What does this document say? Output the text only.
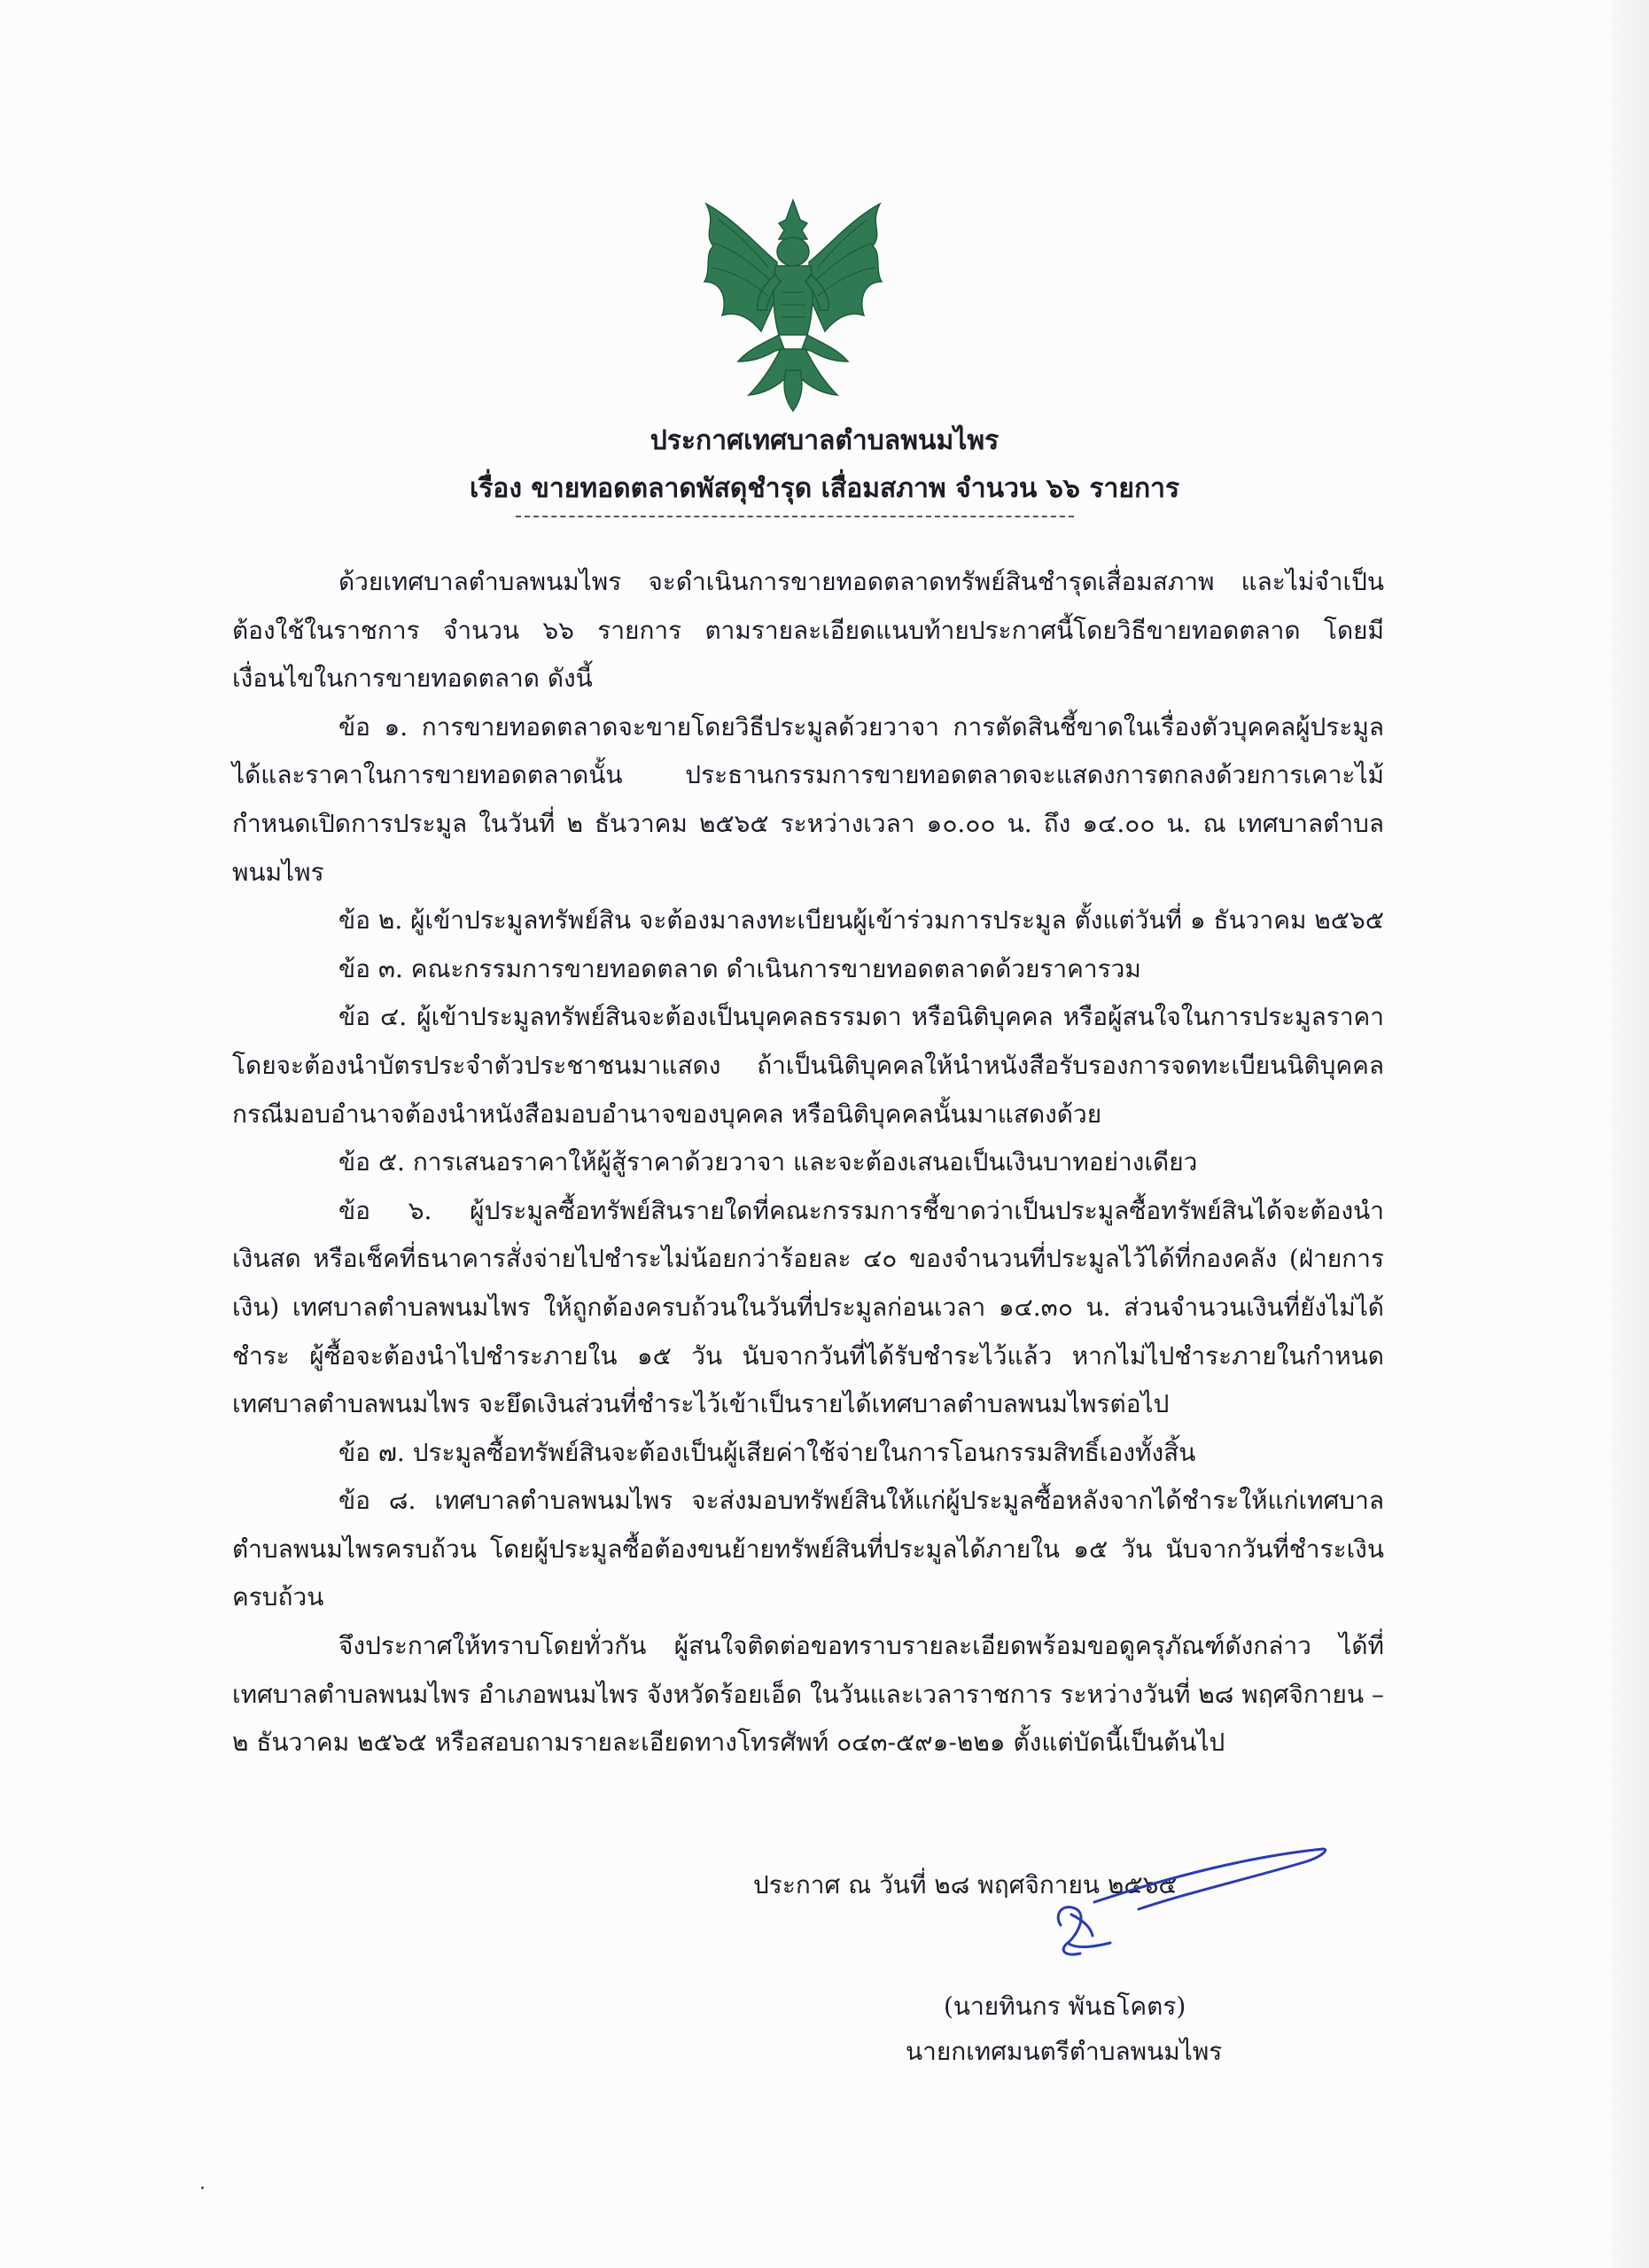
ประกาศเทศบาลตำบลพนมไพร

เรื่อง ขายทอดตลาดพัสดุชำรุด เสื่อมสภาพ จำนวน ๖๖ รายการ

ด้วยเทศบาลตำบลพนมไพร จะดำเนินการขายทอดตลาดทรัพย์สินชำรุดเสื่อมสภาพ และไม่จำเป็นต้องใช้ในราชการ จำนวน ๖๖ รายการ ตามรายละเอียดแนบท้ายประกาศนี้โดยวิธีขายทอดตลาด โดยมีเงื่อนไขในการขายทอดตลาด ดังนี้

ข้อ ๑. การขายทอดตลาดจะขายโดยวิธีประมูลด้วยวาจา การตัดสินชี้ขาดในเรื่องตัวบุคคลผู้ประมูลได้และราคาในการขายทอดตลาดนั้น ประธานกรรมการขายทอดตลาดจะแสดงการตกลงด้วยการเคาะไม้ กำหนดเปิดการประมูล ในวันที่ ๒ ธันวาคม ๒๕๖๕ ระหว่างเวลา ๑๐.๐๐ น. ถึง ๑๔.๐๐ น. ณ เทศบาลตำบลพนมไพร

ข้อ ๒. ผู้เข้าประมูลทรัพย์สิน จะต้องมาลงทะเบียนผู้เข้าร่วมการประมูล ตั้งแต่วันที่ ๑ ธันวาคม ๒๕๖๕

ข้อ ๓. คณะกรรมการขายทอดตลาด ดำเนินการขายทอดตลาดด้วยราคารวม

ข้อ ๔. ผู้เข้าประมูลทรัพย์สินจะต้องเป็นบุคคลธรรมดา หรือนิติบุคคล หรือผู้สนใจในการประมูลราคา โดยจะต้องนำบัตรประจำตัวประชาชนมาแสดง ถ้าเป็นนิติบุคคลให้นำหนังสือรับรองการจดทะเบียนนิติบุคคล กรณีมอบอำนาจต้องนำหนังสือมอบอำนาจของบุคคล หรือนิติบุคคลนั้นมาแสดงด้วย

ข้อ ๕. การเสนอราคาให้ผู้สู้ราคาด้วยวาจา และจะต้องเสนอเป็นเงินบาทอย่างเดียว

ข้อ ๖. ผู้ประมูลซื้อทรัพย์สินรายใดที่คณะกรรมการชี้ขาดว่าเป็นประมูลซื้อทรัพย์สินได้จะต้องนำเงินสด หรือเช็คที่ธนาคารสั่งจ่ายไปชำระไม่น้อยกว่าร้อยละ ๔๐ ของจำนวนที่ประมูลไว้ได้ที่กองคลัง (ฝ่ายการเงิน) เทศบาลตำบลพนมไพร ให้ถูกต้องครบถ้วนในวันที่ประมูลก่อนเวลา ๑๔.๓๐ น. ส่วนจำนวนเงินที่ยังไม่ได้ชำระ ผู้ซื้อจะต้องนำไปชำระภายใน ๑๕ วัน นับจากวันที่ได้รับชำระไว้แล้ว หากไม่ไปชำระภายในกำหนด เทศบาลตำบลพนมไพร จะยึดเงินส่วนที่ชำระไว้เข้าเป็นรายได้เทศบาลตำบลพนมไพรต่อไป

ข้อ ๗. ประมูลซื้อทรัพย์สินจะต้องเป็นผู้เสียค่าใช้จ่ายในการโอนกรรมสิทธิ์เองทั้งสิ้น

ข้อ ๘. เทศบาลตำบลพนมไพร จะส่งมอบทรัพย์สินให้แก่ผู้ประมูลซื้อหลังจากได้ชำระให้แก่เทศบาลตำบลพนมไพรครบถ้วน โดยผู้ประมูลซื้อต้องขนย้ายทรัพย์สินที่ประมูลได้ภายใน ๑๕ วัน นับจากวันที่ชำระเงินครบถ้วน

จึงประกาศให้ทราบโดยทั่วกัน ผู้สนใจติดต่อขอทราบรายละเอียดพร้อมขอดูครุภัณฑ์ดังกล่าว ได้ที่เทศบาลตำบลพนมไพร อำเภอพนมไพร จังหวัดร้อยเอ็ด ในวันและเวลาราชการ ระหว่างวันที่ ๒๘ พฤศจิกายน – ๒ ธันวาคม ๒๕๖๕ หรือสอบถามรายละเอียดทางโทรศัพท์ ๐๔๓-๕๙๑-๒๒๑ ตั้งแต่บัดนี้เป็นต้นไป

ประกาศ ณ วันที่ ๒๘ พฤศจิกายน ๒๕๖๕
(นายทินกร พันธโคตร)
นายกเทศมนตรีตำบลพนมไพร
